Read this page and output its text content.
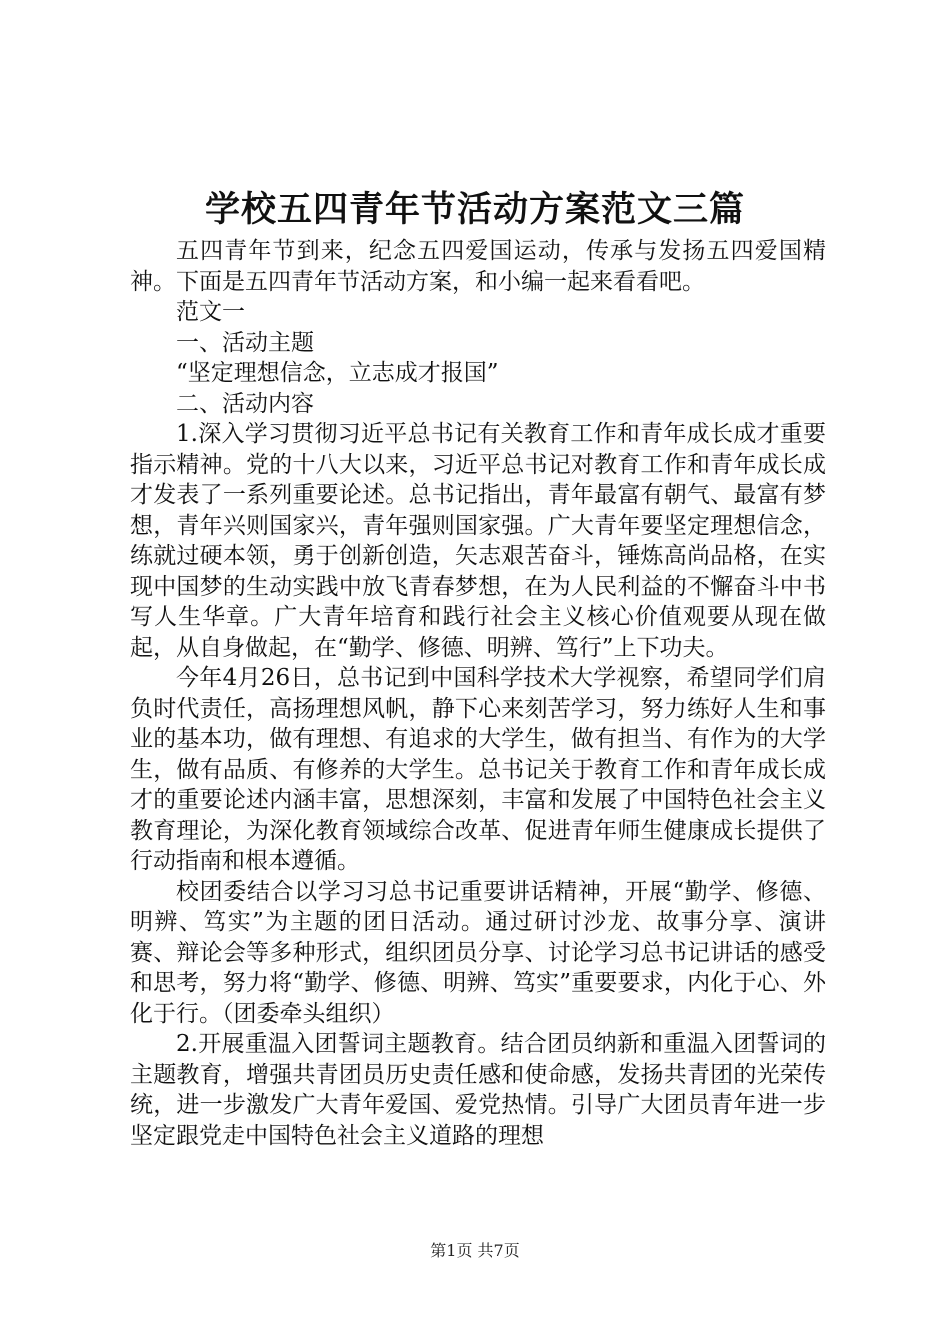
学校五四青年节活动方案范文三篇

五四青年节到来，纪念五四爱国运动，传承与发扬五四爱国精神。下面是五四青年节活动方案，和小编一起来看看吧。

范文一

一、活动主题

“坚定理想信念，立志成才报国”

二、活动内容

1.深入学习贯彻习近平总书记有关教育工作和青年成长成才重要指示精神。党的十八大以来，习近平总书记对教育工作和青年成长成才发表了一系列重要论述。总书记指出，青年最富有朝气、最富有梦想，青年兴则国家兴，青年强则国家强。广大青年要坚定理想信念，练就过硬本领，勇于创新创造，矢志艰苦奋斗，锤炼高尚品格，在实现中国梦的生动实践中放飞青春梦想，在为人民利益的不懈奋斗中书写人生华章。广大青年培育和践行社会主义核心价值观要从现在做起，从自身做起，在“勤学、修德、明辨、笃行”上下功夫。

今年4月26日，总书记到中国科学技术大学视察，希望同学们肩负时代责任，高扬理想风帆，静下心来刻苦学习，努力练好人生和事业的基本功，做有理想、有追求的大学生，做有担当、有作为的大学生，做有品质、有修养的大学生。总书记关于教育工作和青年成长成才的重要论述内涵丰富，思想深刻，丰富和发展了中国特色社会主义教育理论，为深化教育领域综合改革、促进青年师生健康成长提供了行动指南和根本遵循。

校团委结合以学习习总书记重要讲话精神，开展“勤学、修德、明辨、笃实”为主题的团日活动。通过研讨沙龙、故事分享、演讲赛、辩论会等多种形式，组织团员分享、讨论学习总书记讲话的感受和思考，努力将“勤学、修德、明辨、笃实”重要要求，内化于心、外化于行。（团委牵头组织）

2.开展重温入团誓词主题教育。结合团员纳新和重温入团誓词的主题教育，增强共青团员历史责任感和使命感，发扬共青团的光荣传统，进一步激发广大青年爱国、爱党热情。引导广大团员青年进一步坚定跟党走中国特色社会主义道路的理想

第1页 共7页
